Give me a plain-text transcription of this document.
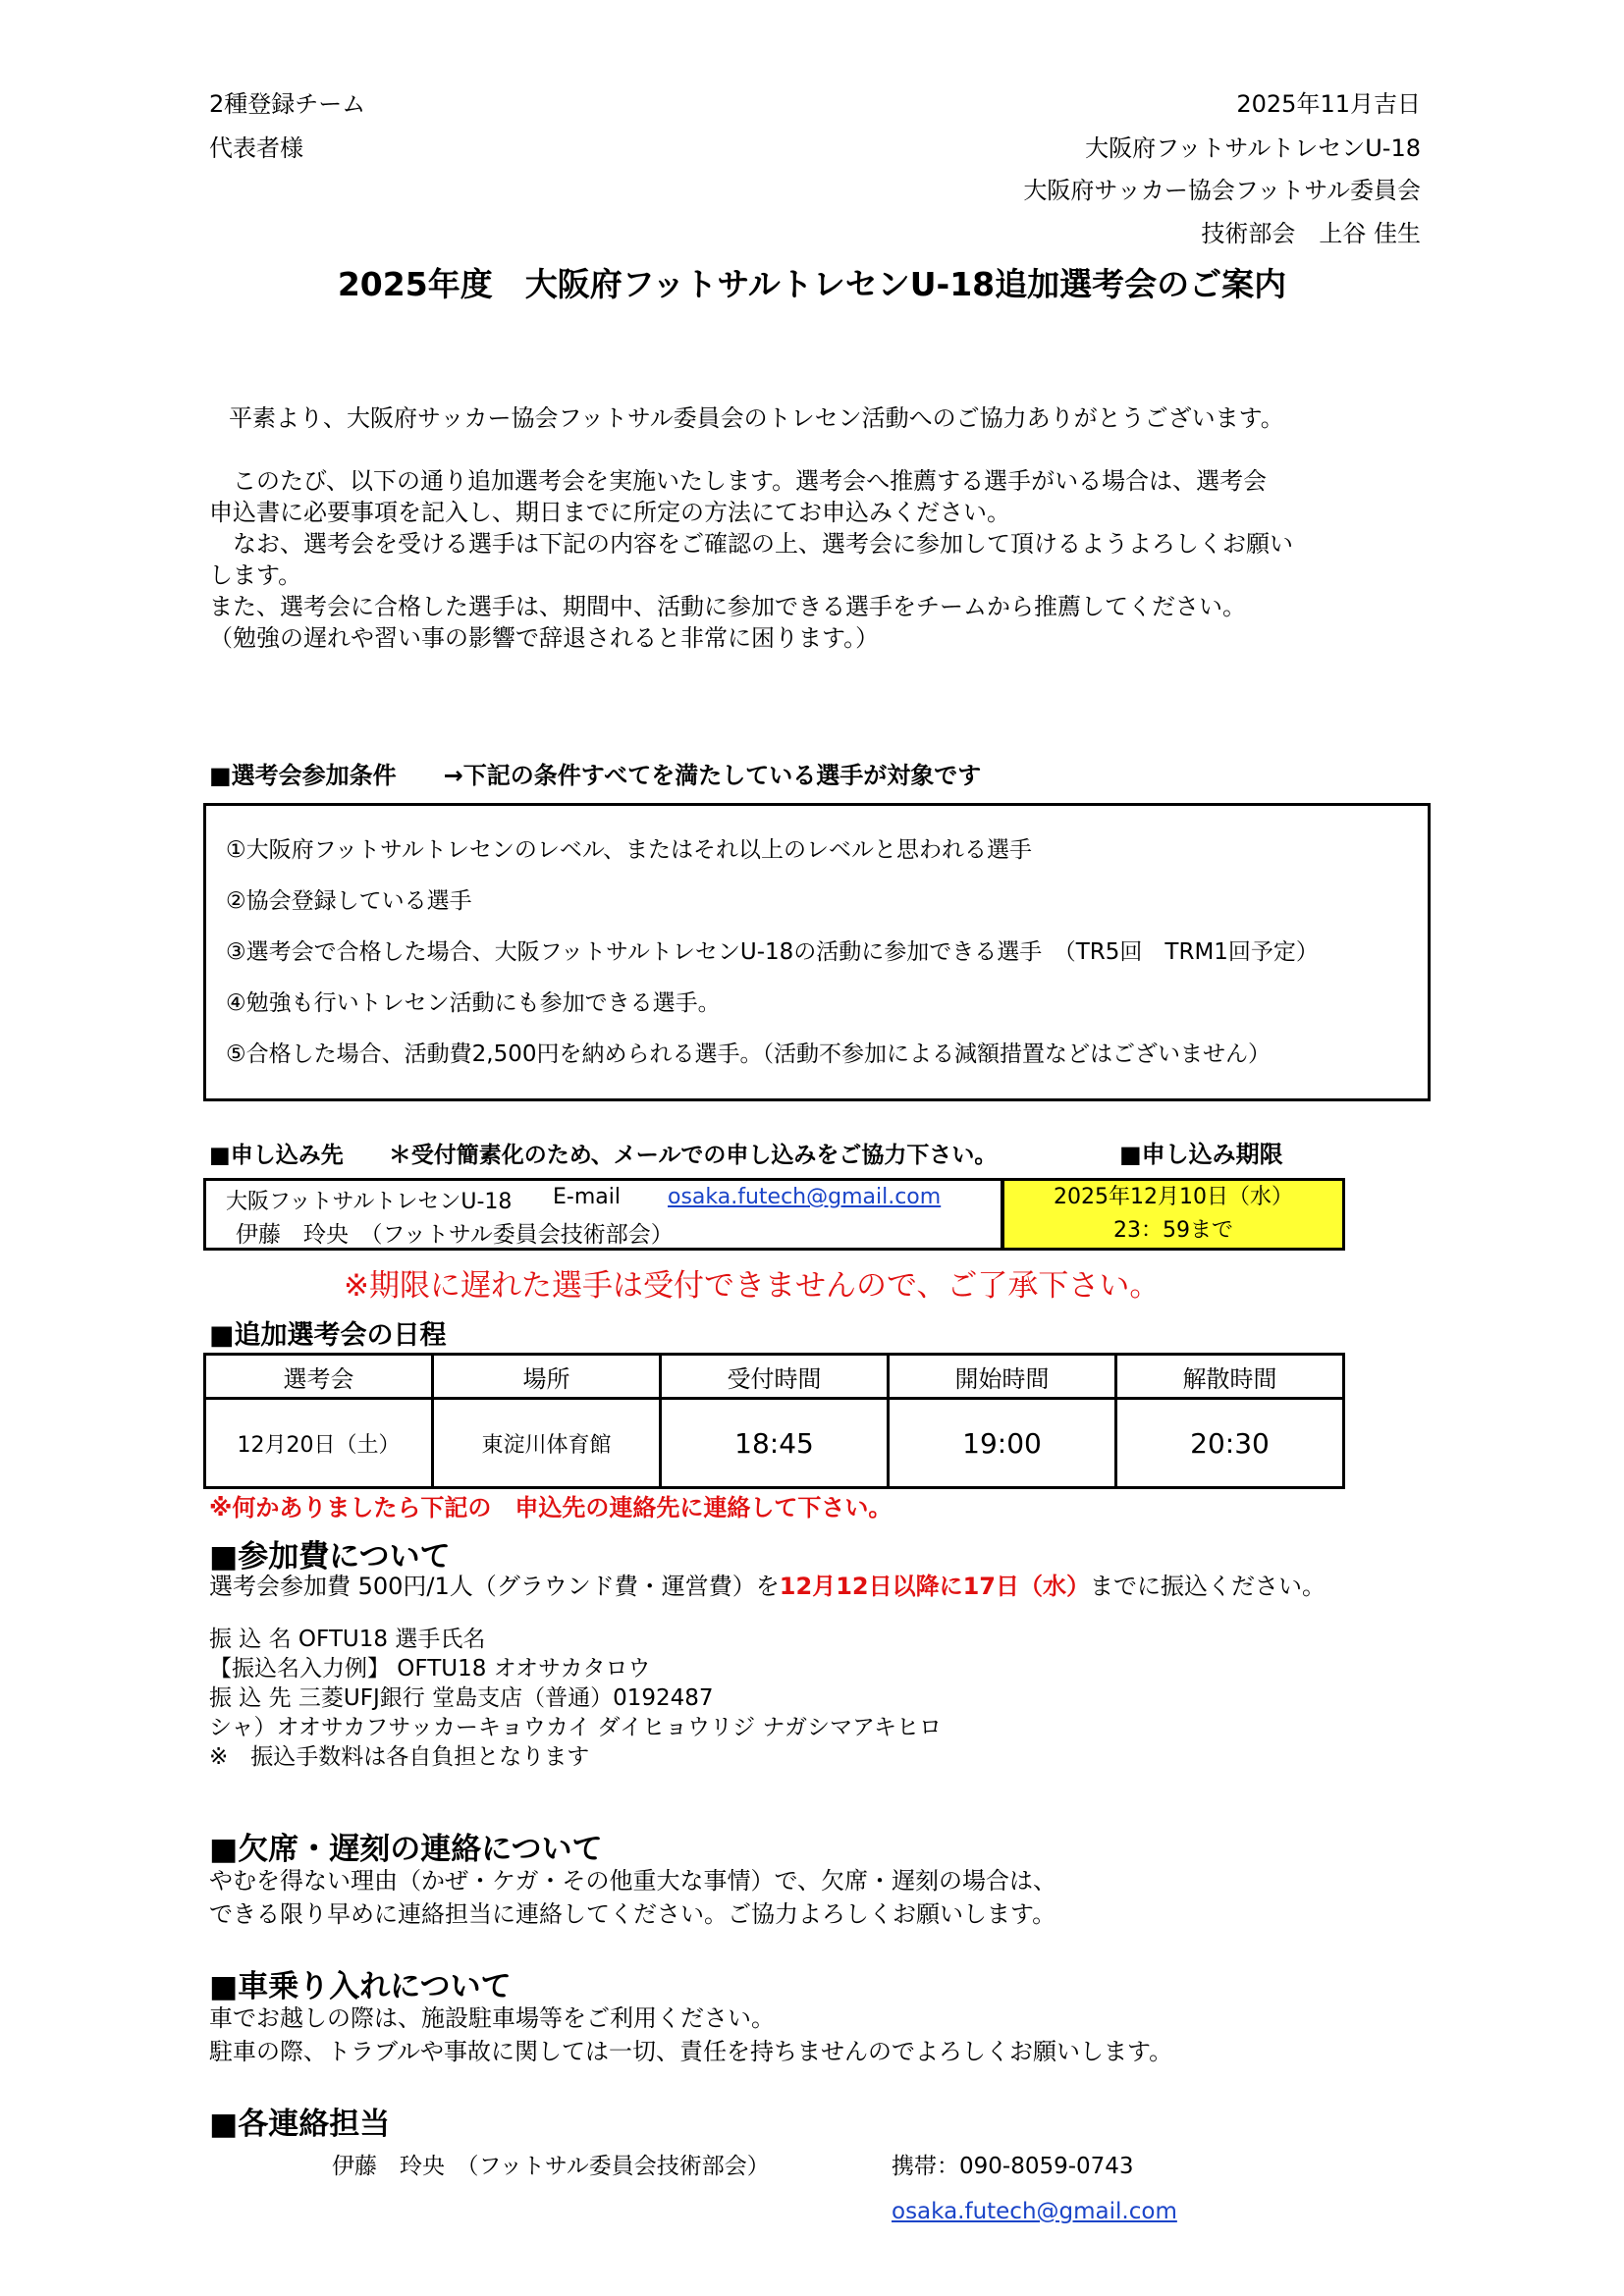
2種登録チーム
代表者様
2025年11月吉日
大阪府フットサルトレセンU-18
大阪府サッカー協会フットサル委員会
技術部会　上谷 佳生
2025年度　大阪府フットサルトレセンU-18追加選考会のご案内
平素より、大阪府サッカー協会フットサル委員会のトレセン活動へのご協力ありがとうございます。

　このたび、以下の通り追加選考会を実施いたします。選考会へ推薦する選手がいる場合は、選考会

申込書に必要事項を記入し、期日までに所定の方法にてお申込みください。

　なお、選考会を受ける選手は下記の内容をご確認の上、選考会に参加して頂けるようよろしくお願い

します。

また、選考会に合格した選手は、期間中、活動に参加できる選手をチームから推薦してください。

（勉強の遅れや習い事の影響で辞退されると非常に困ります。）

■選考会参加条件　　→下記の条件すべてを満たしている選手が対象です
①大阪府フットサルトレセンのレベル、またはそれ以上のレベルと思われる選手
②協会登録している選手
③選考会で合格した場合、大阪フットサルトレセンU-18の活動に参加できる選手　（TR5回　TRM1回予定）
④勉強も行いトレセン活動にも参加できる選手。
⑤合格した場合、活動費2,500円を納められる選手。（活動不参加による減額措置などはございません）
■申し込み先　　＊受付簡素化のため、メールでの申し込みをご協力下さい。	■申し込み期限
大阪フットサルトレセンU-18 E-mail osaka.futech@gmail.com
伊藤　玲央　（フットサル委員会技術部会）
2025年12月10日（水）
23：59まで
※期限に遅れた選手は受付できませんので、ご了承下さい。
■追加選考会の日程
選考会	場所	受付時間	開始時間	解散時間
12月20日（土）	東淀川体育館	18:45	19:00	20:30
※何かありましたら下記の　申込先の連絡先に連絡して下さい。
■参加費について
選考会参加費 500円/1人（グラウンド費・運営費）を12月12日以降に17日（水）までに振込ください。
振 込 名 OFTU18 選手氏名
【振込名入力例】 OFTU18 オオサカタロウ
振 込 先 三菱UFJ銀行 堂島支店（普通）0192487
シャ）オオサカフサッカーキョウカイ ダイヒョウリジ ナガシマアキヒロ
※　振込手数料は各自負担となります
■欠席・遅刻の連絡について
やむを得ない理由（かぜ・ケガ・その他重大な事情）で、欠席・遅刻の場合は、
できる限り早めに連絡担当に連絡してください。ご協力よろしくお願いします。
■車乗り入れについて
車でお越しの際は、施設駐車場等をご利用ください。
駐車の際、トラブルや事故に関しては一切、責任を持ちませんのでよろしくお願いします。
■各連絡担当
伊藤　玲央　（フットサル委員会技術部会）	携帯：090-8059-0743
osaka.futech@gmail.com
